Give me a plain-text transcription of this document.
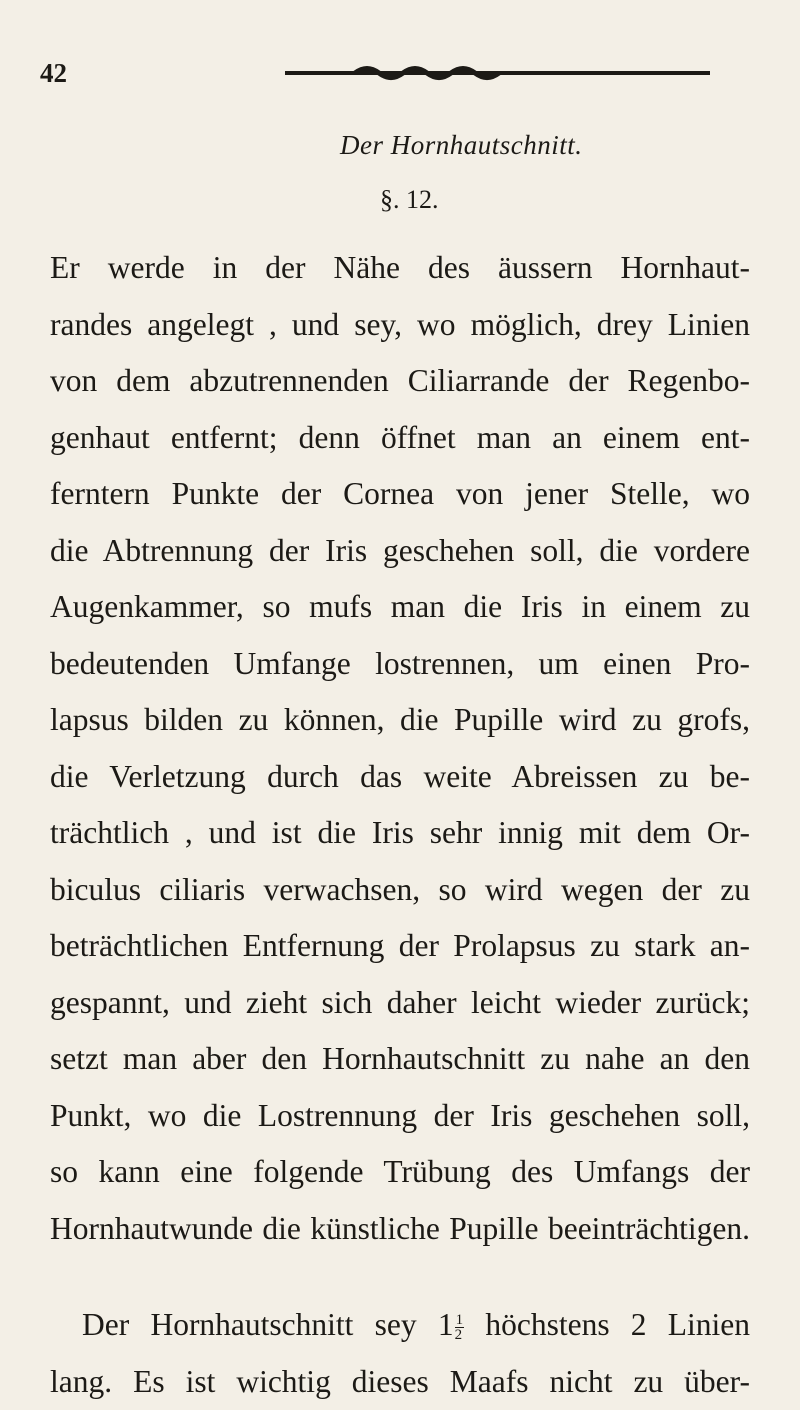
42
Der Hornhautschnitt.
§. 12.
Er werde in der Nähe des äussern Hornhaut-
randes angelegt , und sey, wo möglich, drey Linien
von dem abzutrennenden Ciliarrande der Regenbo-
genhaut entfernt; denn öffnet man an einem ent-
ferntern Punkte der Cornea von jener Stelle, wo
die Abtrennung der Iris geschehen soll, die vordere
Augenkammer, so mufs man die Iris in einem zu
bedeutenden Umfange lostrennen, um einen Pro-
lapsus bilden zu können, die Pupille wird zu grofs,
die Verletzung durch das weite Abreissen zu be-
trächtlich , und ist die Iris sehr innig mit dem Or-
biculus ciliaris verwachsen, so wird wegen der zu
beträchtlichen Entfernung der Prolapsus zu stark an-
gespannt, und zieht sich daher leicht wieder zurück;
setzt man aber den Hornhautschnitt zu nahe an den
Punkt, wo die Lostrennung der Iris geschehen soll,
so kann eine folgende Trübung des Umfangs der
Hornhautwunde die künstliche Pupille beeinträchtigen.
Der Hornhautschnitt sey $1 \frac{1}{2}$ höchstens 2 Linien
lang. Es ist wichtig dieses Maafs nicht zu über-
